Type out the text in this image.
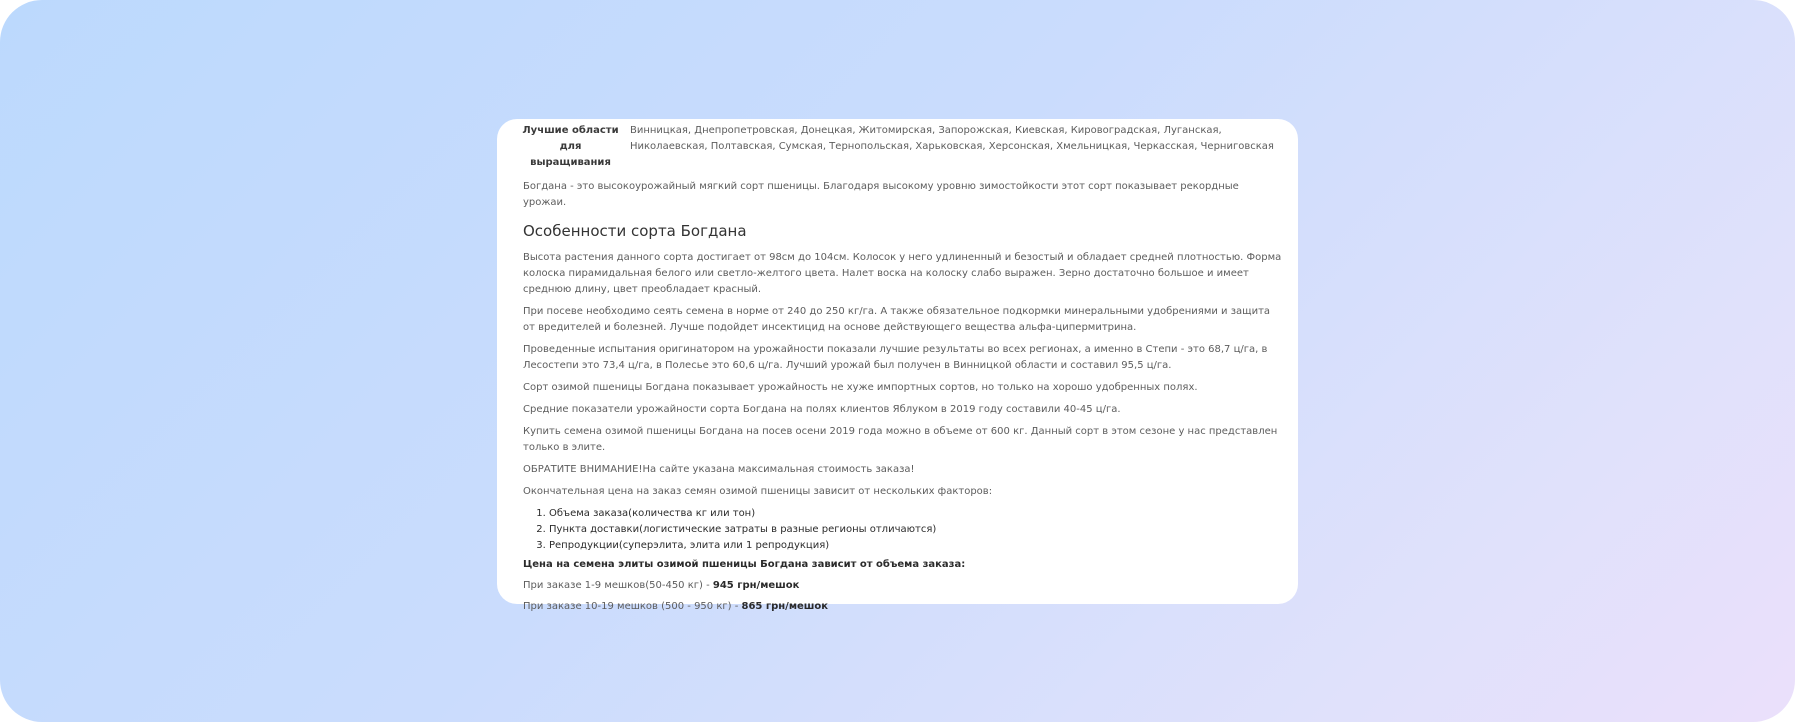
Лучшие области для выращивания
Винницкая, Днепропетровская, Донецкая, Житомирская, Запорожская, Киевская, Кировоградская, Луганская, Николаевская, Полтавская, Сумская, Тернопольская, Харьковская, Херсонская, Хмельницкая, Черкасская, Черниговская

Богдана - это высокоурожайный мягкий сорт пшеницы. Благодаря высокому уровню зимостойкости этот сорт показывает рекордные урожаи.

Особенности сорта Богдана

Высота растения данного сорта достигает от 98см до 104см. Колосок у него удлиненный и безостый и обладает средней плотностью. Форма колоска пирамидальная белого или светло-желтого цвета. Налет воска на колоску слабо выражен. Зерно достаточно большое и имеет среднюю длину, цвет преобладает красный.

При посеве необходимо сеять семена в норме от 240 до 250 кг/га. А также обязательное подкормки минеральными удобрениями и защита от вредителей и болезней. Лучше подойдет инсектицид на основе действующего вещества альфа-ципермитрина.

Проведенные испытания оригинатором на урожайности показали лучшие результаты во всех регионах, а именно в Степи - это 68,7 ц/га, в Лесостепи это 73,4 ц/га, в Полесье это 60,6 ц/га. Лучший урожай был получен в Винницкой области и составил 95,5 ц/га.

Сорт озимой пшеницы Богдана показывает урожайность не хуже импортных сортов, но только на хорошо удобренных полях.

Средние показатели урожайности сорта Богдана на полях клиентов Яблуком в 2019 году составили 40-45 ц/га.

Купить семена озимой пшеницы Богдана на посев осени 2019 года можно в объеме от 600 кг. Данный сорт в этом сезоне у нас представлен только в элите.

ОБРАТИТЕ ВНИМАНИЕ!На сайте указана максимальная стоимость заказа!

Окончательная цена на заказ семян озимой пшеницы зависит от нескольких факторов:

1. Объема заказа(количества кг или тон)
2. Пункта доставки(логистические затраты в разные регионы отличаются)
3. Репродукции(суперэлита, элита или 1 репродукция)

Цена на семена элиты озимой пшеницы Богдана зависит от объема заказа:

При заказе 1-9 мешков(50-450 кг) - 945 грн/мешок

При заказе 10-19 мешков (500 - 950 кг) - 865 грн/мешок
